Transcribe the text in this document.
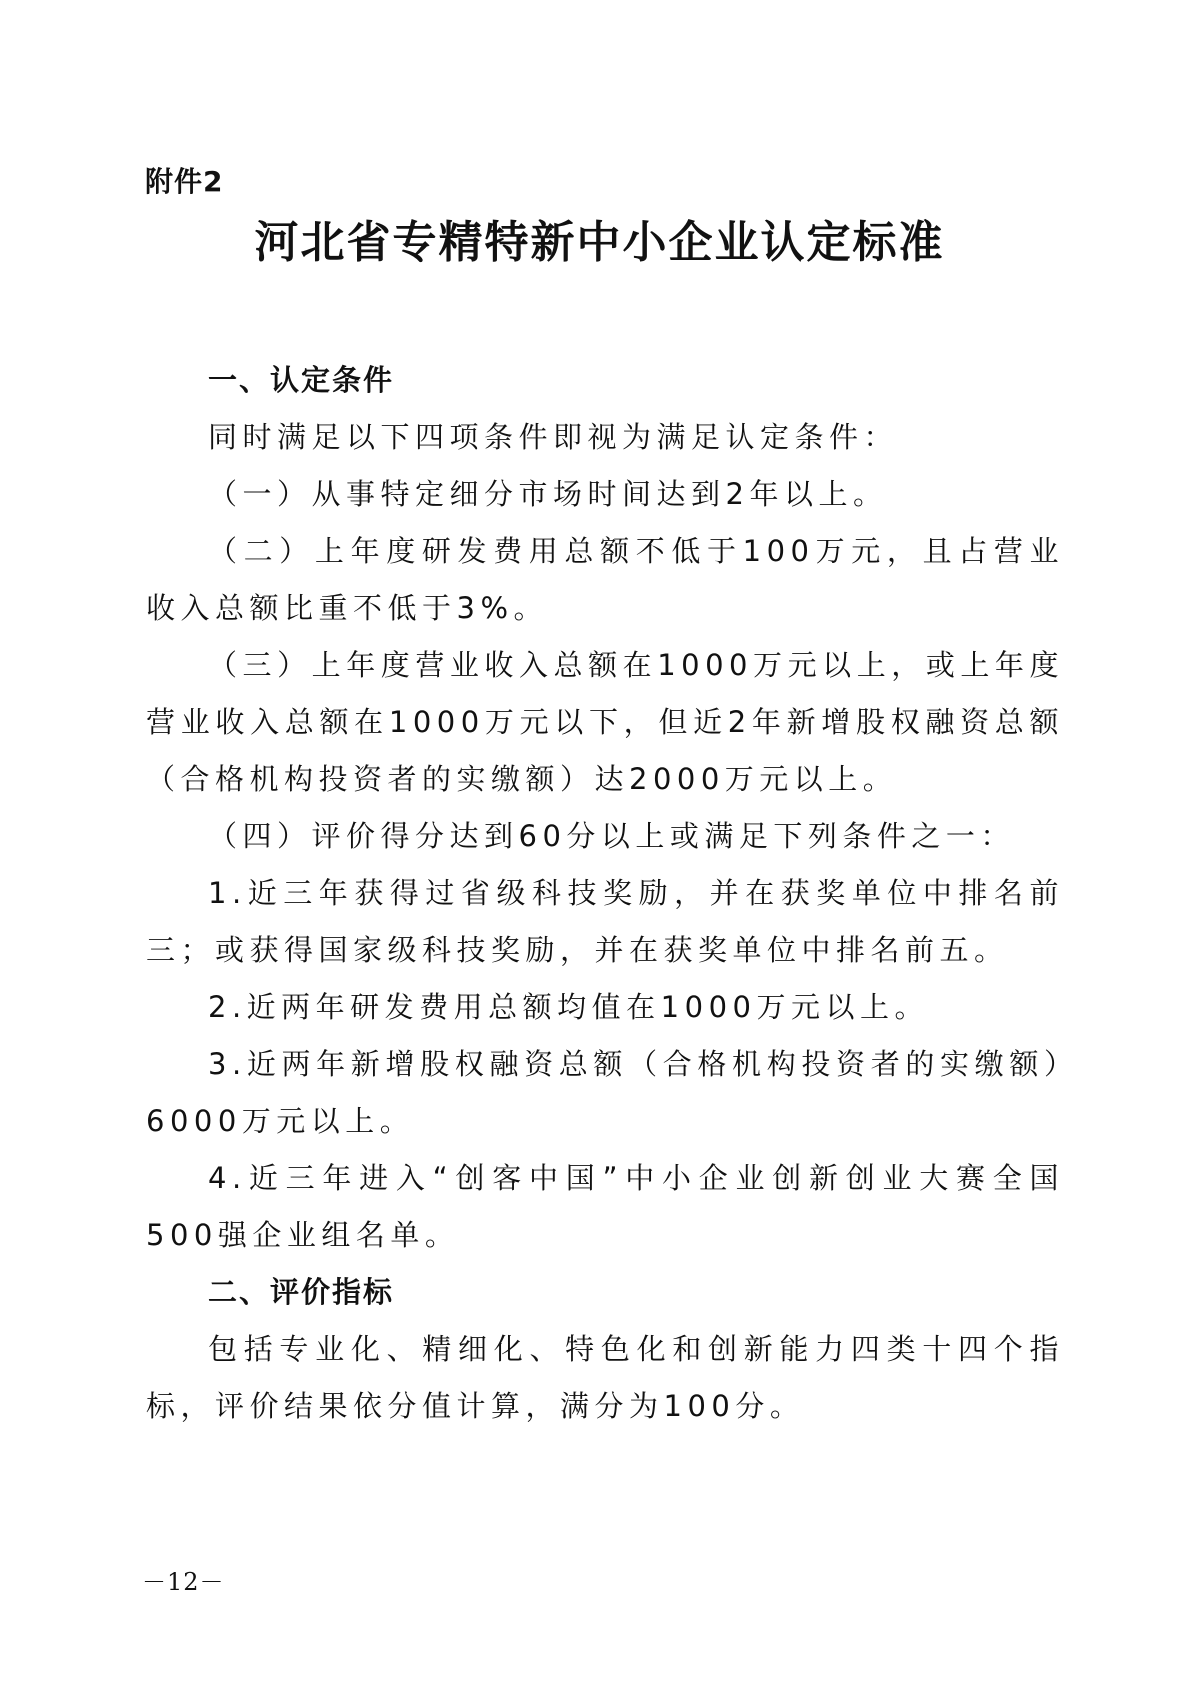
附件2
河北省专精特新中小企业认定标准

一、认定条件

同时满足以下四项条件即视为满足认定条件：

（一）从事特定细分市场时间达到2年以上。

（二）上年度研发费用总额不低于100万元，且占营业收入总额比重不低于3%。

（三）上年度营业收入总额在1000万元以上，或上年度营业收入总额在1000万元以下，但近2年新增股权融资总额（合格机构投资者的实缴额）达2000万元以上。

（四）评价得分达到60分以上或满足下列条件之一：

1.近三年获得过省级科技奖励，并在获奖单位中排名前三；或获得国家级科技奖励，并在获奖单位中排名前五。

2.近两年研发费用总额均值在1000万元以上。

3.近两年新增股权融资总额（合格机构投资者的实缴额）6000万元以上。

4.近三年进入“创客中国”中小企业创新创业大赛全国500强企业组名单。

二、评价指标

包括专业化、精细化、特色化和创新能力四类十四个指标，评价结果依分值计算，满分为100分。

－12－
